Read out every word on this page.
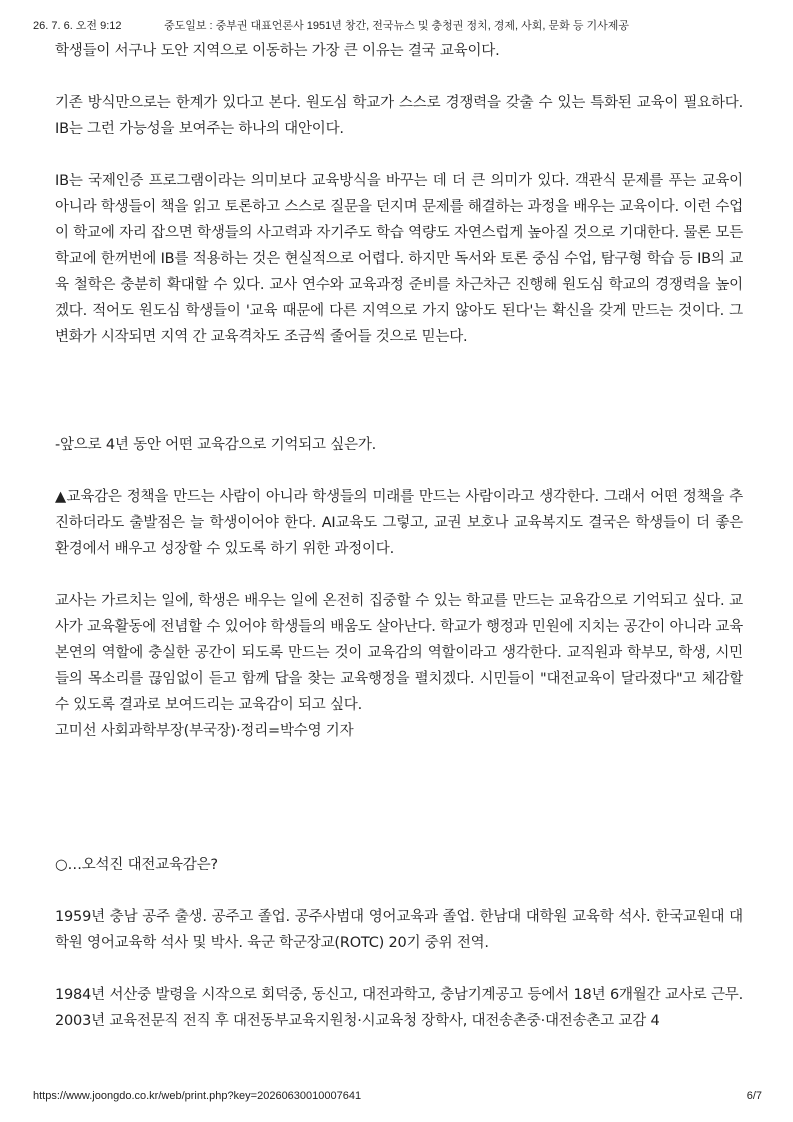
26. 7. 6. 오전 9:12	중도일보 : 중부권 대표언론사 1951년 창간, 전국뉴스 및 충청권 정치, 경제, 사회, 문화 등 기사제공

학생들이 서구나 도안 지역으로 이동하는 가장 큰 이유는 결국 교육이다.

기존 방식만으로는 한계가 있다고 본다. 원도심 학교가 스스로 경쟁력을 갖출 수 있는 특화된 교육이 필요하다. IB는 그런 가능성을 보여주는 하나의 대안이다.

IB는 국제인증 프로그램이라는 의미보다 교육방식을 바꾸는 데 더 큰 의미가 있다. 객관식 문제를 푸는 교육이 아니라 학생들이 책을 읽고 토론하고 스스로 질문을 던지며 문제를 해결하는 과정을 배우는 교육이다. 이런 수업이 학교에 자리 잡으면 학생들의 사고력과 자기주도 학습 역량도 자연스럽게 높아질 것으로 기대한다. 물론 모든 학교에 한꺼번에 IB를 적용하는 것은 현실적으로 어렵다. 하지만 독서와 토론 중심 수업, 탐구형 학습 등 IB의 교육 철학은 충분히 확대할 수 있다. 교사 연수와 교육과정 준비를 차근차근 진행해 원도심 학교의 경쟁력을 높이겠다. 적어도 원도심 학생들이 '교육 때문에 다른 지역으로 가지 않아도 된다'는 확신을 갖게 만드는 것이다. 그 변화가 시작되면 지역 간 교육격차도 조금씩 줄어들 것으로 믿는다.

-앞으로 4년 동안 어떤 교육감으로 기억되고 싶은가.

▲교육감은 정책을 만드는 사람이 아니라 학생들의 미래를 만드는 사람이라고 생각한다. 그래서 어떤 정책을 추진하더라도 출발점은 늘 학생이어야 한다. AI교육도 그렇고, 교권 보호나 교육복지도 결국은 학생들이 더 좋은 환경에서 배우고 성장할 수 있도록 하기 위한 과정이다.

교사는 가르치는 일에, 학생은 배우는 일에 온전히 집중할 수 있는 학교를 만드는 교육감으로 기억되고 싶다. 교사가 교육활동에 전념할 수 있어야 학생들의 배움도 살아난다. 학교가 행정과 민원에 지치는 공간이 아니라 교육 본연의 역할에 충실한 공간이 되도록 만드는 것이 교육감의 역할이라고 생각한다. 교직원과 학부모, 학생, 시민들의 목소리를 끊임없이 듣고 함께 답을 찾는 교육행정을 펼치겠다. 시민들이 "대전교육이 달라졌다"고 체감할 수 있도록 결과로 보여드리는 교육감이 되고 싶다.

고미선 사회과학부장(부국장)·정리=박수영 기자

○…오석진 대전교육감은?

1959년 충남 공주 출생. 공주고 졸업. 공주사범대 영어교육과 졸업. 한남대 대학원 교육학 석사. 한국교원대 대학원 영어교육학 석사 및 박사. 육군 학군장교(ROTC) 20기 중위 전역.

1984년 서산중 발령을 시작으로 회덕중, 동신고, 대전과학고, 충남기계공고 등에서 18년 6개월간 교사로 근무. 2003년 교육전문직 전직 후 대전동부교육지원청·시교육청 장학사, 대전송촌중·대전송촌고 교감 4

https://www.joongdo.co.kr/web/print.php?key=20260630010007641	6/7
